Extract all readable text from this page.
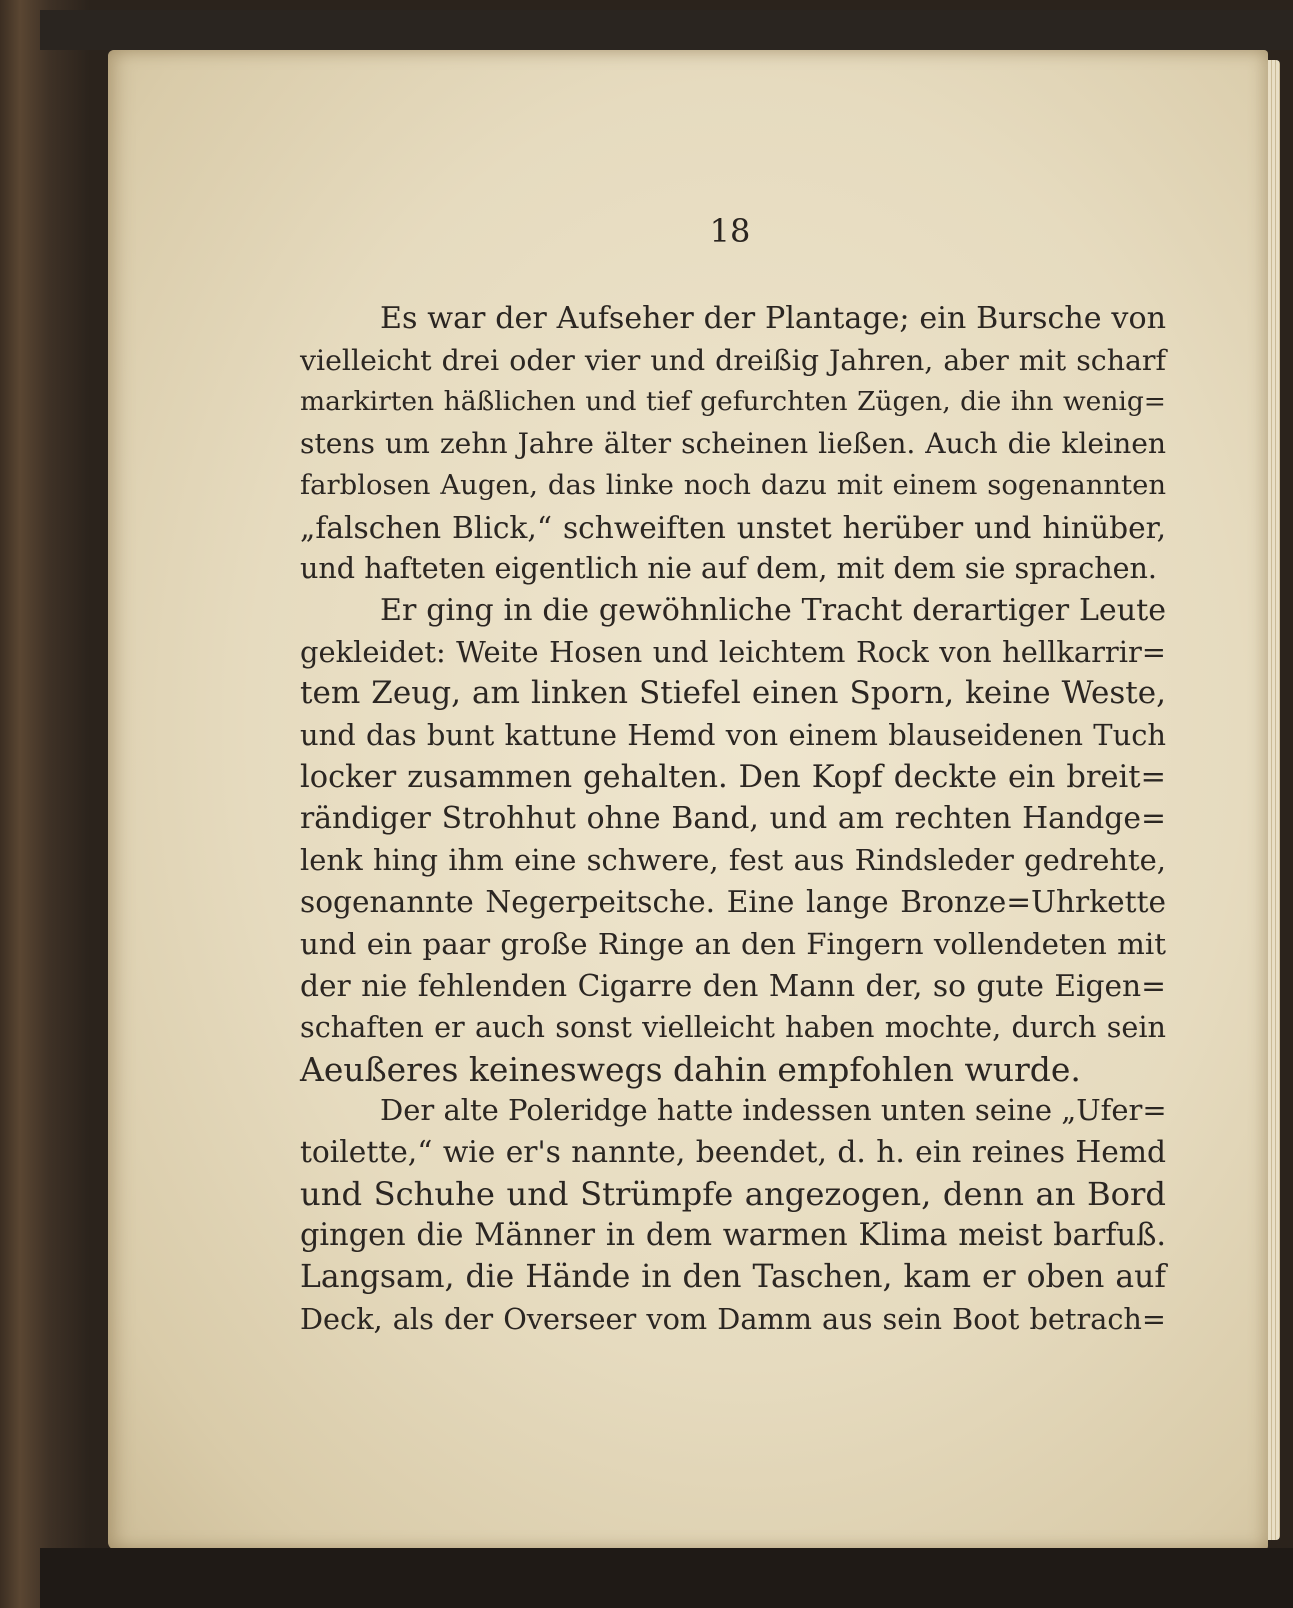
18
Es war der Aufseher der Plantage; ein Bursche von
vielleicht drei oder vier und dreißig Jahren, aber mit scharf
markirten häßlichen und tief gefurchten Zügen, die ihn wenig=
stens um zehn Jahre älter scheinen ließen. Auch die kleinen
farblosen Augen, das linke noch dazu mit einem sogenannten
„falschen Blick,“ schweiften unstet herüber und hinüber,
und hafteten eigentlich nie auf dem, mit dem sie sprachen.
Er ging in die gewöhnliche Tracht derartiger Leute
gekleidet: Weite Hosen und leichtem Rock von hellkarrir=
tem Zeug, am linken Stiefel einen Sporn, keine Weste,
und das bunt kattune Hemd von einem blauseidenen Tuch
locker zusammen gehalten. Den Kopf deckte ein breit=
rändiger Strohhut ohne Band, und am rechten Handge=
lenk hing ihm eine schwere, fest aus Rindsleder gedrehte,
sogenannte Negerpeitsche. Eine lange Bronze=Uhrkette
und ein paar große Ringe an den Fingern vollendeten mit
der nie fehlenden Cigarre den Mann der, so gute Eigen=
schaften er auch sonst vielleicht haben mochte, durch sein
Aeußeres keineswegs dahin empfohlen wurde.
Der alte Poleridge hatte indessen unten seine „Ufer=
toilette,“ wie er's nannte, beendet, d. h. ein reines Hemd
und Schuhe und Strümpfe angezogen, denn an Bord
gingen die Männer in dem warmen Klima meist barfuß.
Langsam, die Hände in den Taschen, kam er oben auf
Deck, als der Overseer vom Damm aus sein Boot betrach=
